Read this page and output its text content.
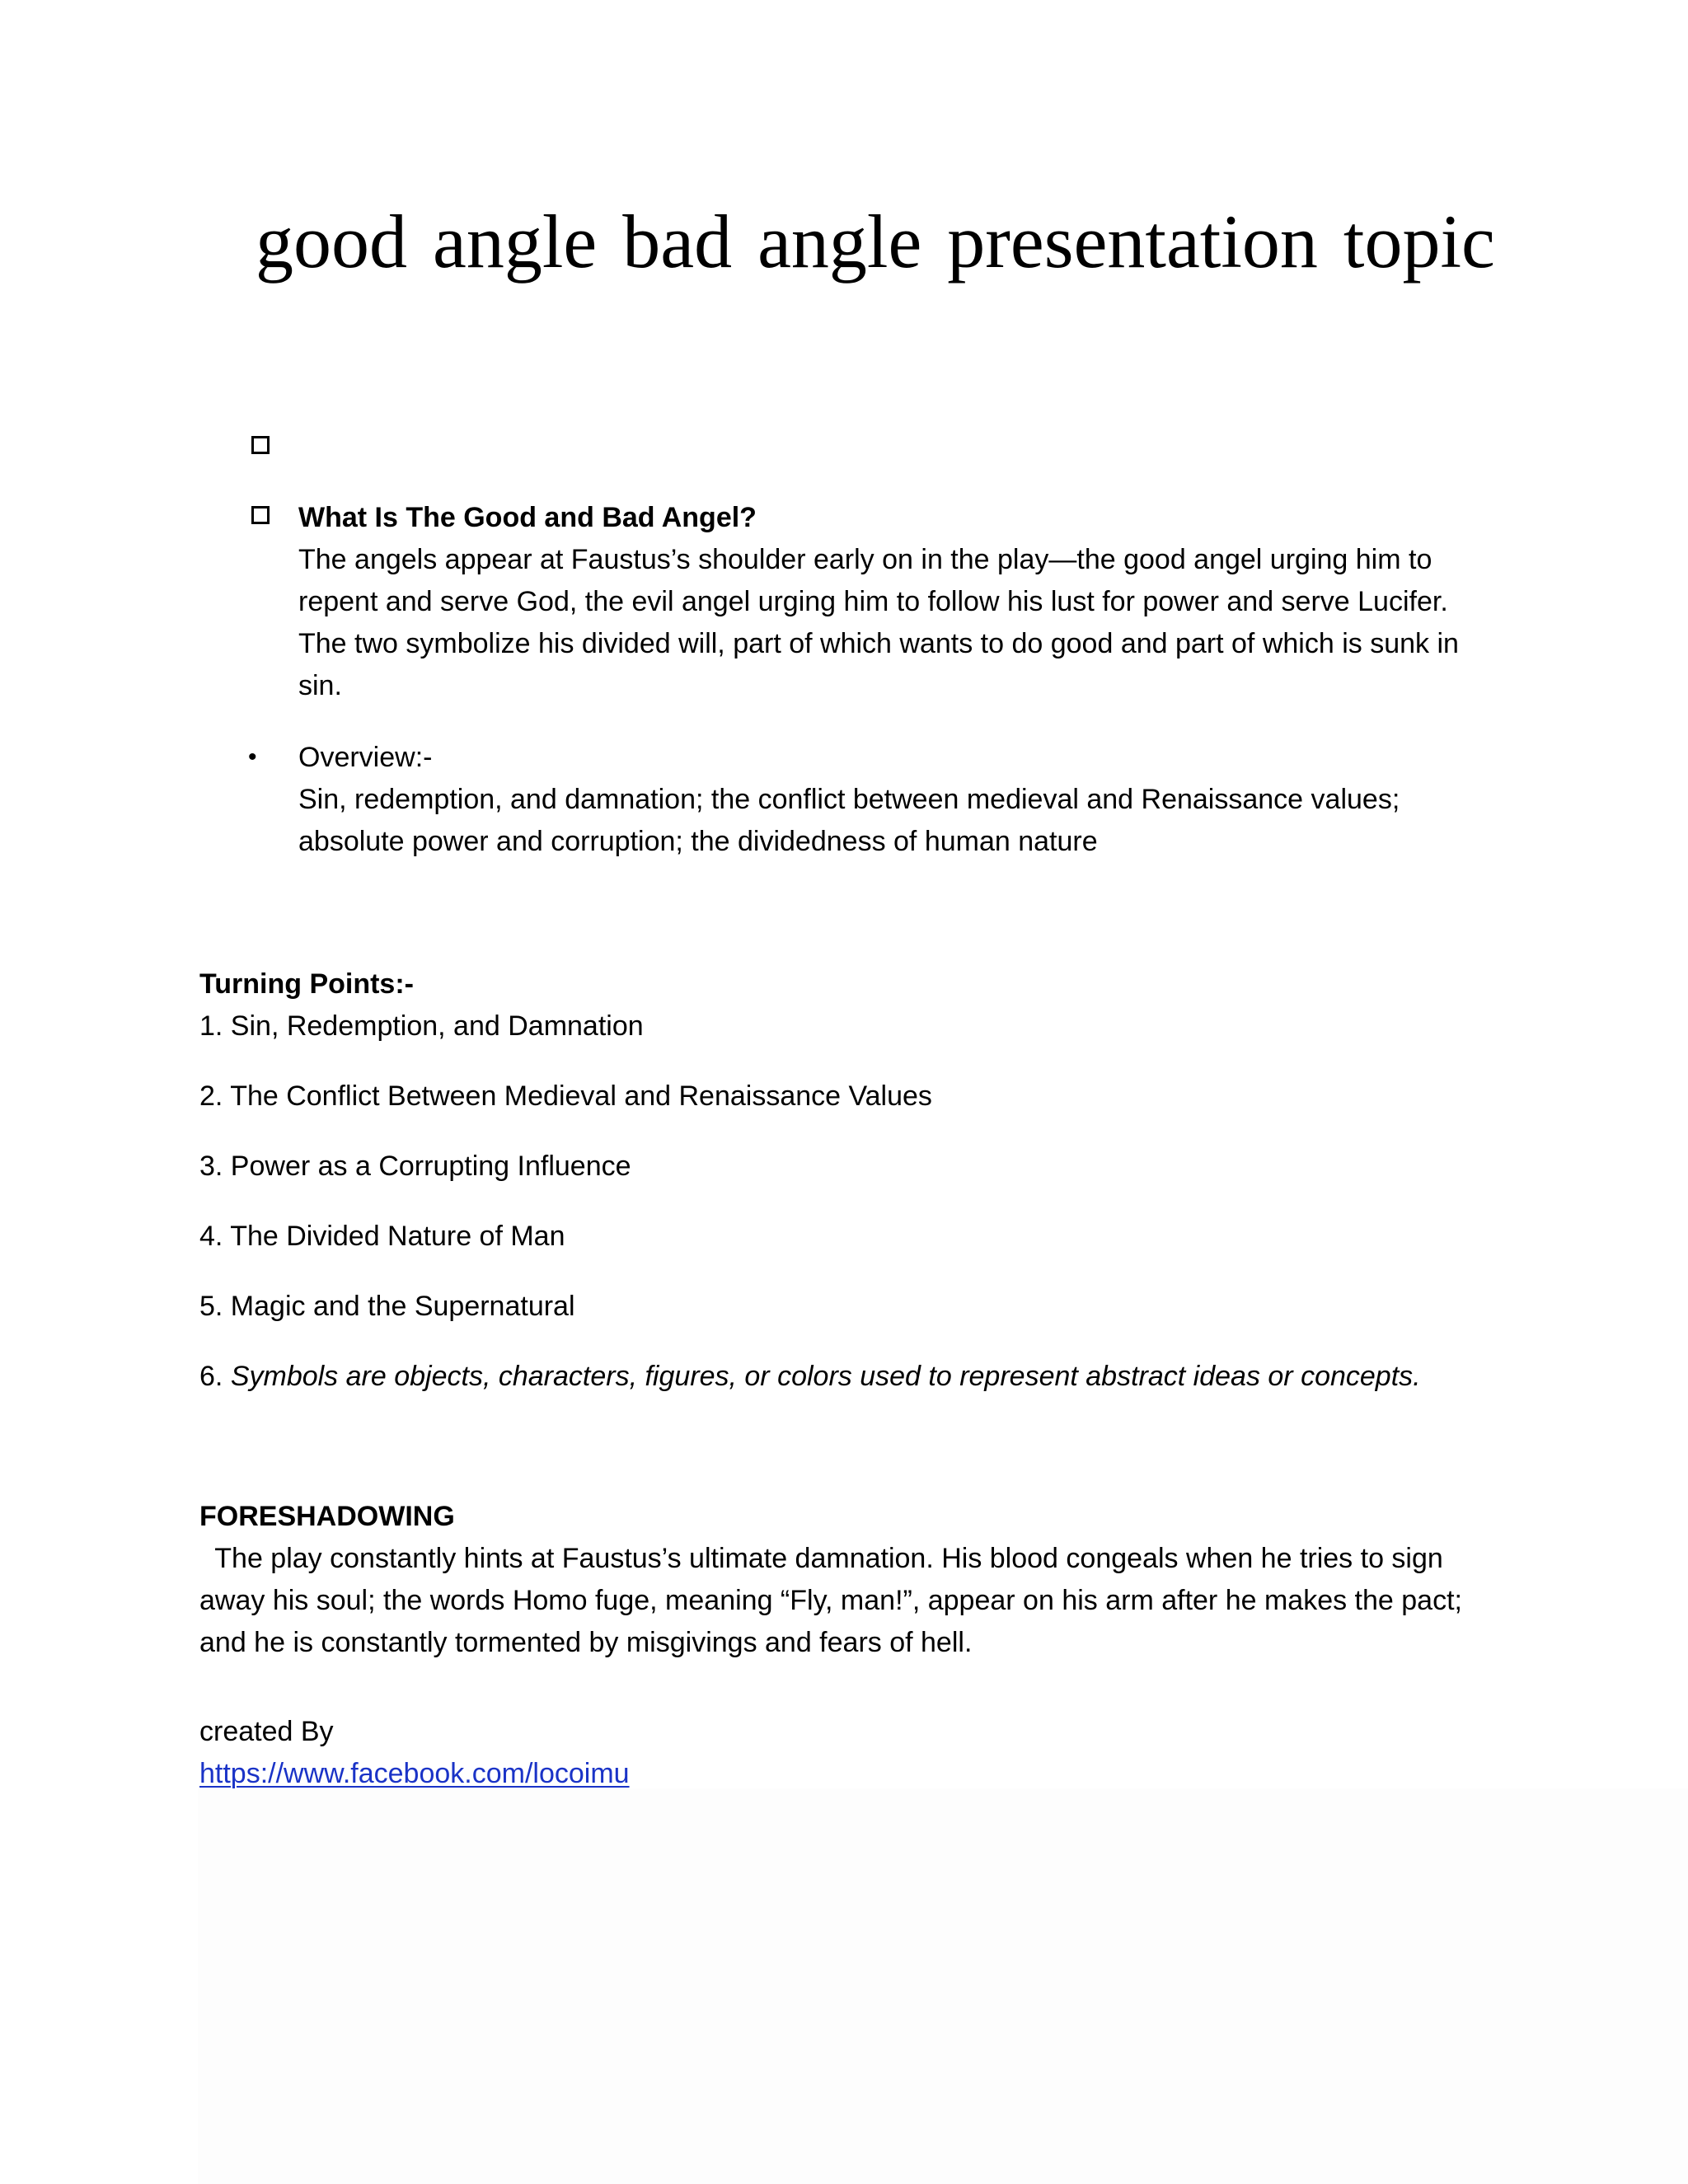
good angle bad angle presentation topic

What Is The Good and Bad Angel?

The angels appear at Faustus’s shoulder early on in the play—the good angel urging him to

repent and serve God, the evil angel urging him to follow his lust for power and serve Lucifer.

The two symbolize his divided will, part of which wants to do good and part of which is sunk in

sin.

• Overview:-

Sin, redemption, and damnation; the conflict between medieval and Renaissance values;

absolute power and corruption; the dividedness of human nature

Turning Points:-

1. Sin, Redemption, and Damnation

2. The Conflict Between Medieval and Renaissance Values

3. Power as a Corrupting Influence

4. The Divided Nature of Man

5. Magic and the Supernatural

6. Symbols are objects, characters, figures, or colors used to represent abstract ideas or concepts.

FORESHADOWING

The play constantly hints at Faustus’s ultimate damnation. His blood congeals when he tries to sign

away his soul; the words Homo fuge, meaning “Fly, man!”, appear on his arm after he makes the pact;

and he is constantly tormented by misgivings and fears of hell.

created By

https://www.facebook.com/locoimu
